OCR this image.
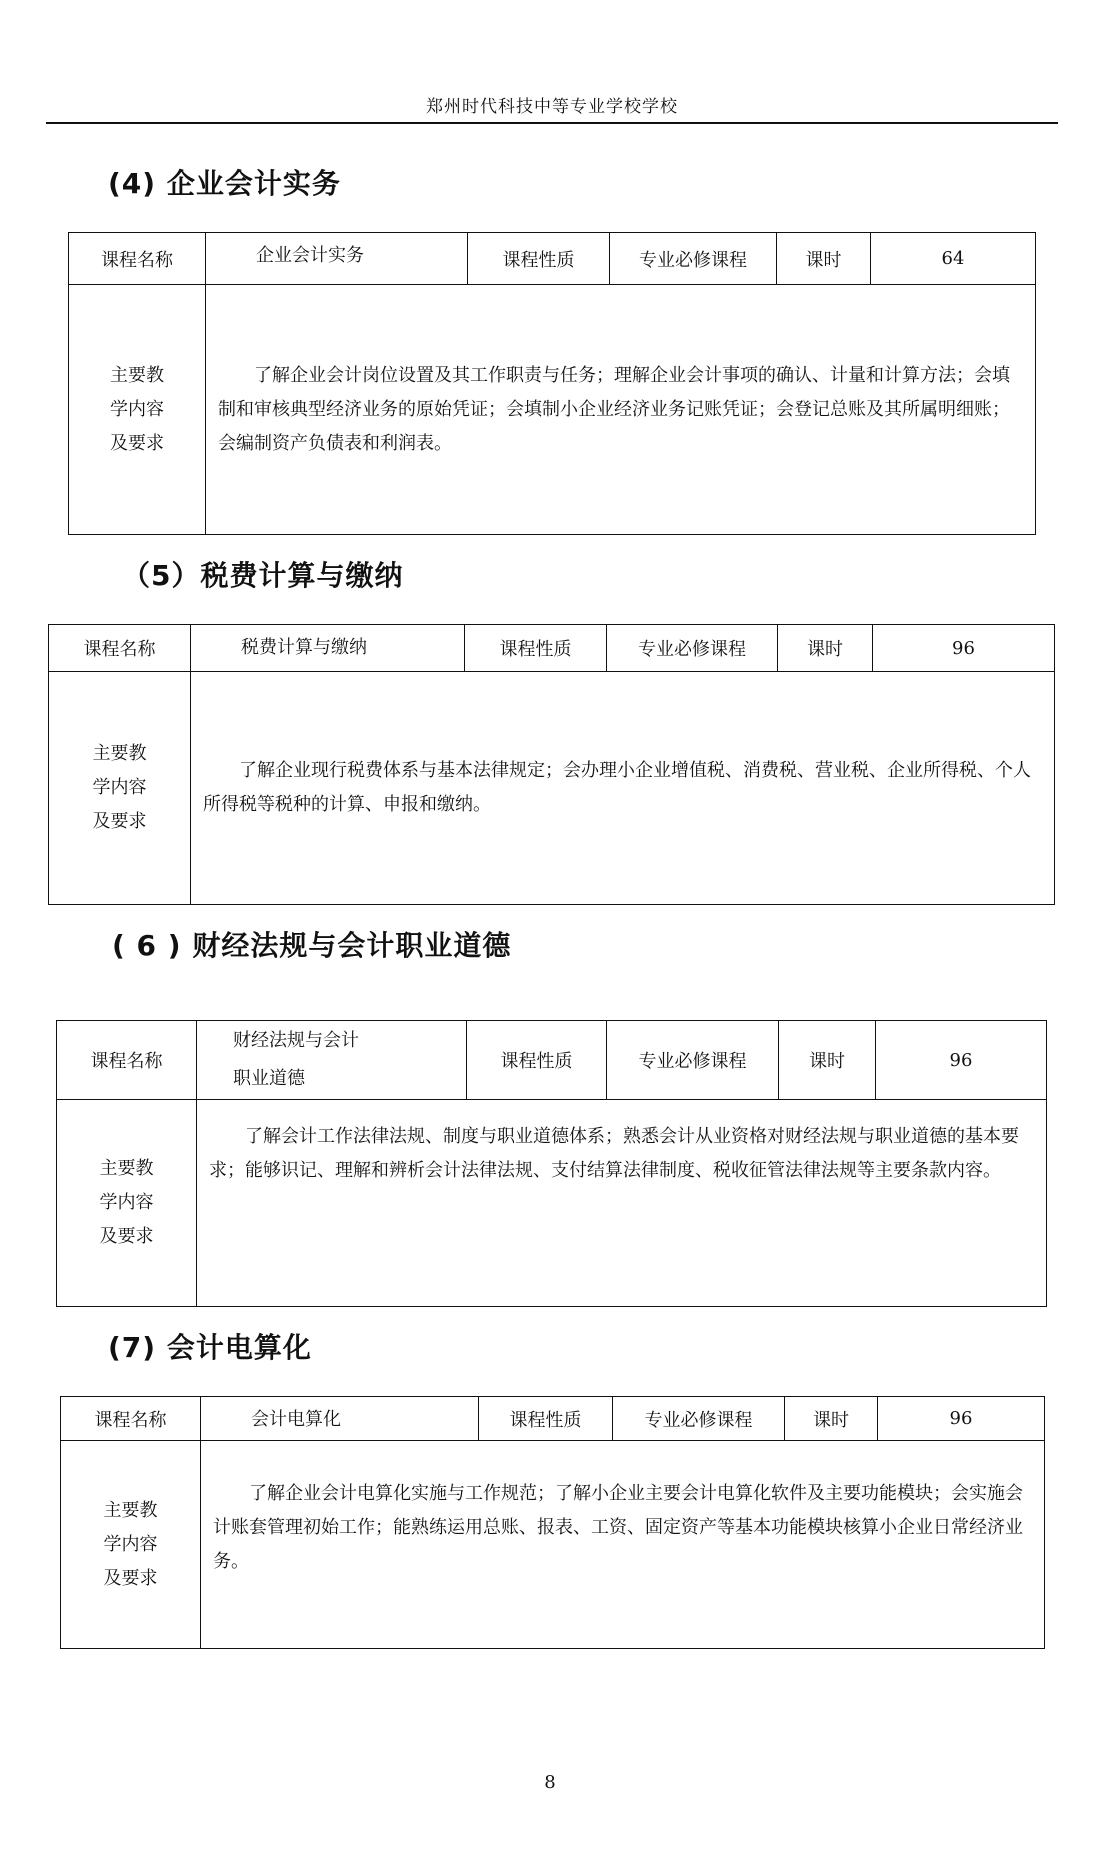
郑州时代科技中等专业学校学校
(4) 企业会计实务
课程名称	企业会计实务	课程性质	专业必修课程	课时	64

主要教
学内容
及要求	了解企业会计岗位设置及其工作职责与任务；理解企业会计事项的确认、计量和计算方法；会填制和审核典型经济业务的原始凭证；会填制小企业经济业务记账凭证；会登记总账及其所属明细账；会编制资产负债表和利润表。				
（5）税费计算与缴纳
课程名称	税费计算与缴纳	课程性质	专业必修课程	课时	96

主要教
学内容
及要求	了解企业现行税费体系与基本法律规定；会办理小企业增值税、消费税、营业税、企业所得税、个人所得税等税种的计算、申报和缴纳。				
( 6 ) 财经法规与会计职业道德
课程名称	财经法规与会计
职业道德	课程性质	专业必修课程	课时	96

主要教
学内容
及要求	了解会计工作法律法规、制度与职业道德体系；熟悉会计从业资格对财经法规与职业道德的基本要求；能够识记、理解和辨析会计法律法规、支付结算法律制度、税收征管法律法规等主要条款内容。				
(7) 会计电算化
课程名称	会计电算化	课程性质	专业必修课程	课时	96

主要教
学内容
及要求	了解企业会计电算化实施与工作规范；了解小企业主要会计电算化软件及主要功能模块；会实施会计账套管理初始工作；能熟练运用总账、报表、工资、固定资产等基本功能模块核算小企业日常经济业务。				
8
